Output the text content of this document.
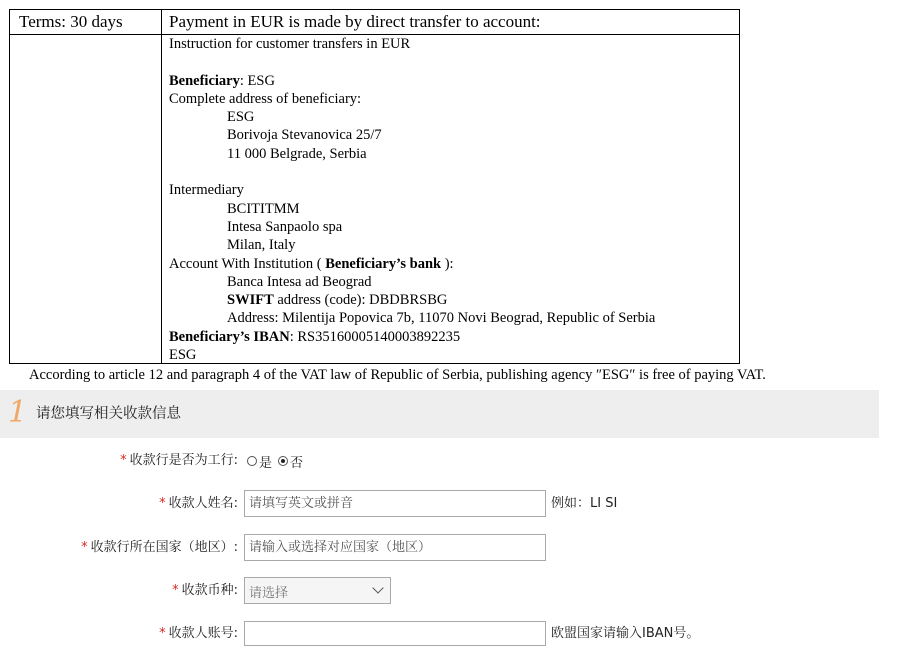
Terms: 30 days	Payment in EUR is made by direct transfer to account:
Instruction for customer transfers in EUR
Beneficiary: ESG
Complete address of beneficiary:
ESG
Borivoja Stevanovica 25/7
11 000 Belgrade, Serbia
Intermediary
BCITITMM
Intesa Sanpaolo spa
Milan, Italy
Account With Institution ( Beneficiary’s bank ):
Banca Intesa ad Beograd
SWIFT address (code): DBDBRSBG
Address: Milentija Popovica 7b, 11070 Novi Beograd, Republic of Serbia
Beneficiary’s IBAN: RS35160005140003892235
ESG
According to article 12 and paragraph 4 of the VAT law of Republic of Serbia, publishing agency ″ESG″ is free of paying VAT.
1 请您填写相关收款信息
* 收款行是否为工行: 是 否
* 收款人姓名:
请填写英文或拼音	例如：LI SI
* 收款行所在国家（地区）:
请输入或选择对应国家（地区）
* 收款币种: 请选择
* 收款人账号:	欧盟国家请输入IBAN号。
